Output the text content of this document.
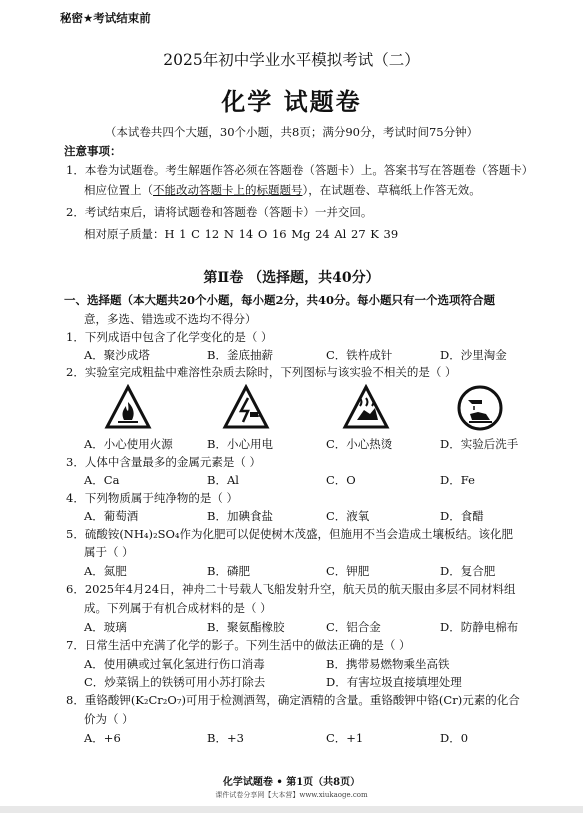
秘密★考试结束前
2025年初中学业水平模拟考试（二）
化学 试题卷
（本试卷共四个大题，30个小题，共8页；满分90分，考试时间75分钟）
注意事项：
1．本卷为试题卷。考生解题作答必须在答题卷（答题卡）上。答案书写在答题卷（答题卡）
相应位置上（不能改动答题卡上的标题题号），在试题卷、草稿纸上作答无效。
2．考试结束后，请将试题卷和答题卷（答题卡）一并交回。
相对原子质量：H 1 C 12 N 14 O 16 Mg 24 Al 27 K 39
第Ⅱ卷 （选择题，共40分）
一、选择题（本大题共20个小题，每小题2分，共40分。每小题只有一个选项符合题
意，多选、错选或不选均不得分）
1．下列成语中包含了化学变化的是（ ）
A．聚沙成塔	B．釜底抽薪	C．铁杵成针	D．沙里淘金
2．实验室完成粗盐中难溶性杂质去除时，下列图标与该实验不相关的是（ ）
A．小心使用火源	B．小心用电	C．小心热烫	D．实验后洗手
3．人体中含量最多的金属元素是（ ）
A．Ca	B．Al	C．O	D．Fe
4．下列物质属于纯净物的是（ ）
A．葡萄酒	B．加碘食盐	C．液氧	D．食醋
5．硫酸铵(NH₄)₂SO₄作为化肥可以促使树木茂盛，但施用不当会造成土壤板结。该化肥
属于（ ）
A．氮肥	B．磷肥	C．钾肥	D．复合肥
6．2025年4月24日，神舟二十号载人飞船发射升空，航天员的航天服由多层不同材料组
成。下列属于有机合成材料的是（ ）
A．玻璃	B．聚氨酯橡胶	C．铝合金	D．防静电棉布
7．日常生活中充满了化学的影子。下列生活中的做法正确的是（ ）
A．使用碘或过氧化氢进行伤口消毒	B．携带易燃物乘坐高铁
C．炒菜锅上的铁锈可用小苏打除去	D．有害垃圾直接填埋处理
8．重铬酸钾(K₂Cr₂O₇)可用于检测酒驾，确定酒精的含量。重铬酸钾中铬(Cr)元素的化合
价为（ ）
A．+6	B．+3	C．+1	D．0
化学试题卷 • 第1页（共8页）
课件试卷分享网【大本营】www.xiukaoge.com
